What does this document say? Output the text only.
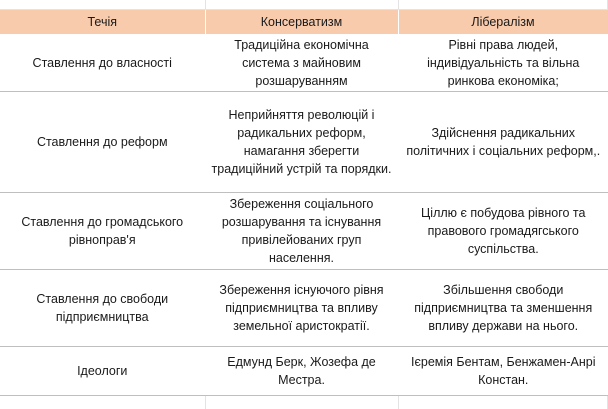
Течія	Консерватизм	Лібералізм
Ставлення до власності	Традиційна економічна система з майновим розшаруванням	Рівні права людей, індивідуальність та вільна ринкова економіка;
Ставлення до реформ	Неприйняття революцій і радикальних реформ, намагання зберегти традиційний устрій та порядки.	Здійснення радикальних політичних і соціальних реформ,.
Ставлення до громадського рівноправ'я	Збереження соціального розшарування та існування привілейованих груп населення.	Ціллю є побудова рівного та правового громадягського суспільства.
Ставлення до свободи підприємництва	Збереження існуючого рівня підприємництва та впливу земельної аристократії.	Збільшення свободи підприємництва та зменшення впливу держави на нього.
Ідеологи	Едмунд Берк, Жозефа де Местра.	Ієремія Бентам, Бенжамен-Анрі Констан.
